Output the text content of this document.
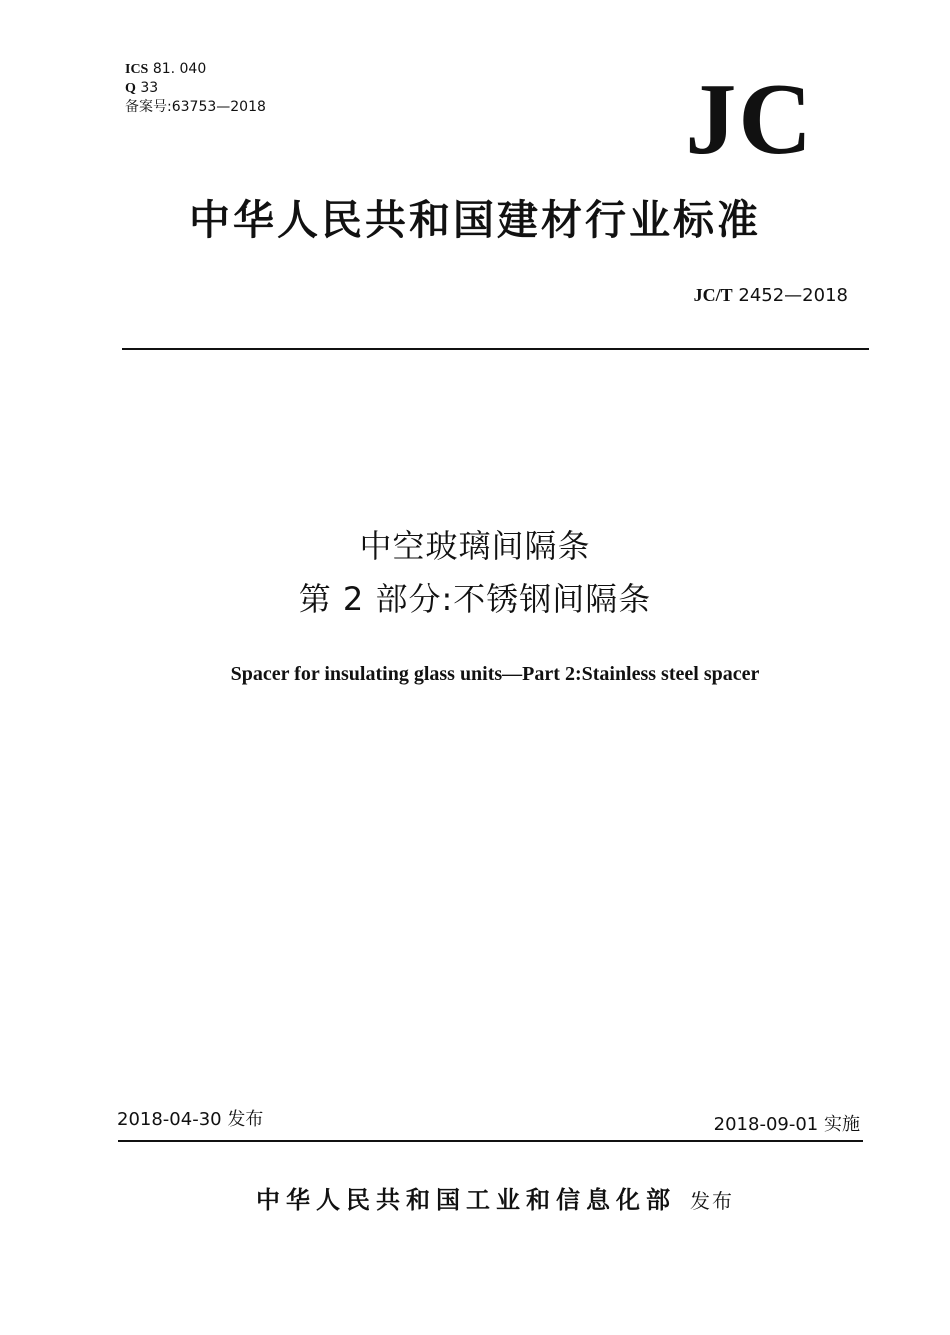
ICS 81. 040
Q 33
备案号:63753—2018	JC
中华人民共和国建材行业标准
JC/T 2452—2018
中空玻璃间隔条
第 2 部分:不锈钢间隔条
Spacer for insulating glass units—Part 2:Stainless steel spacer
2018-04-30 发布	2018-09-01 实施
中华人民共和国工业和信息化部 发布
